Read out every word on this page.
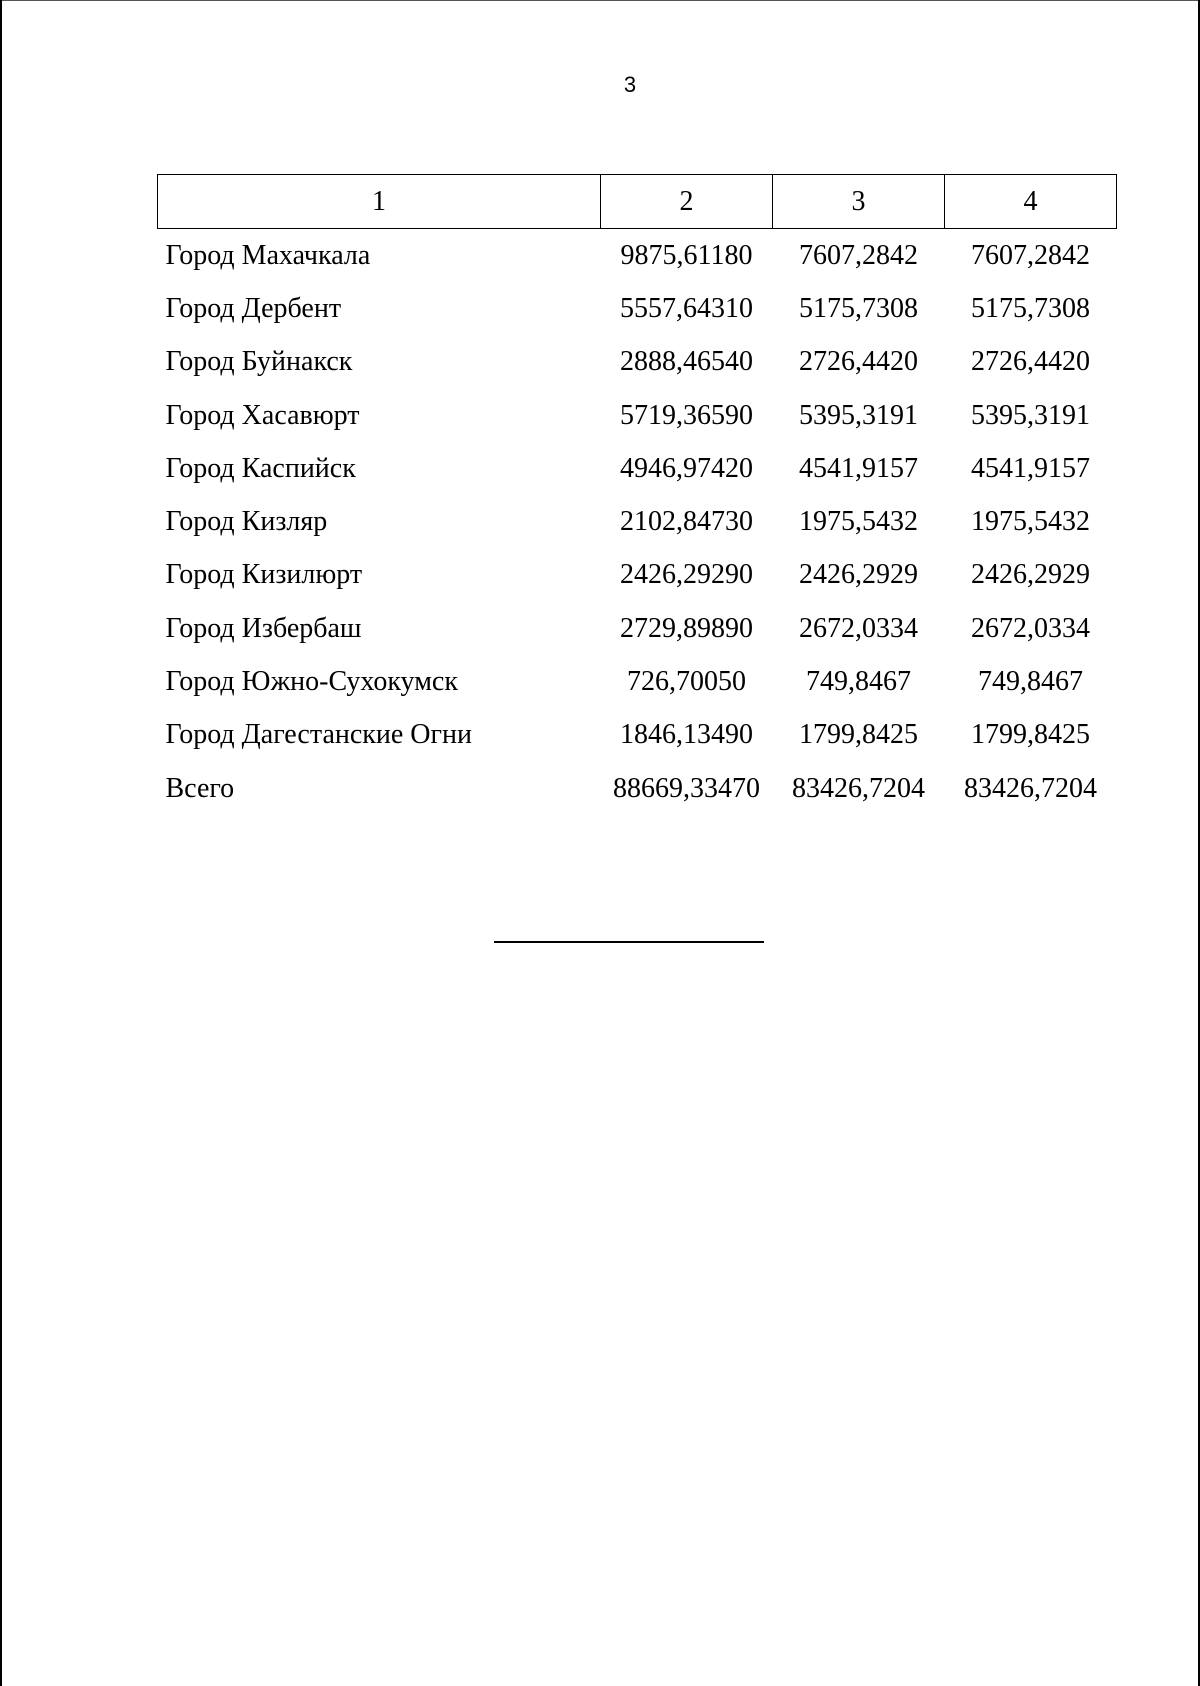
3
1	2	3	4
Город Махачкала	9875,61180	7607,2842	7607,2842
Город Дербент	5557,64310	5175,7308	5175,7308
Город Буйнакск	2888,46540	2726,4420	2726,4420
Город Хасавюрт	5719,36590	5395,3191	5395,3191
Город Каспийск	4946,97420	4541,9157	4541,9157
Город Кизляр	2102,84730	1975,5432	1975,5432
Город Кизилюрт	2426,29290	2426,2929	2426,2929
Город Избербаш	2729,89890	2672,0334	2672,0334
Город Южно-Сухокумск	726,70050	749,8467	749,8467
Город Дагестанские Огни	1846,13490	1799,8425	1799,8425
Всего	88669,33470	83426,7204	83426,7204
